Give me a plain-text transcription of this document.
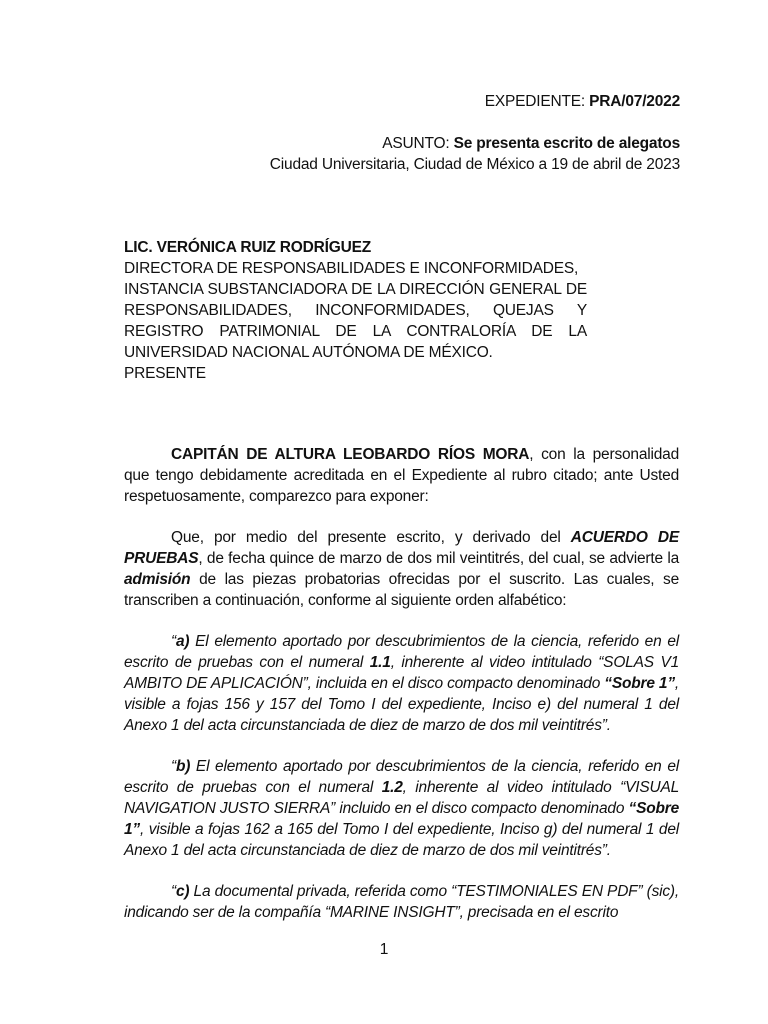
EXPEDIENTE: PRA/07/2022
ASUNTO: Se presenta escrito de alegatos
Ciudad Universitaria, Ciudad de México a 19 de abril de 2023

LIC. VERÓNICA RUIZ RODRÍGUEZ

DIRECTORA DE RESPONSABILIDADES E INCONFORMIDADES,

INSTANCIA SUBSTANCIADORA DE LA DIRECCIÓN GENERAL DE RESPONSABILIDADES, INCONFORMIDADES, QUEJAS Y REGISTRO PATRIMONIAL DE LA CONTRALORÍA DE LA UNIVERSIDAD NACIONAL AUTÓNOMA DE MÉXICO.

PRESENTE

CAPITÁN DE ALTURA LEOBARDO RÍOS MORA, con la personalidad que tengo debidamente acreditada en el Expediente al rubro citado; ante Usted respetuosamente, comparezco para exponer:

Que, por medio del presente escrito, y derivado del ACUERDO DE PRUEBAS, de fecha quince de marzo de dos mil veintitrés, del cual, se advierte la admisión de las piezas probatorias ofrecidas por el suscrito. Las cuales, se transcriben a continuación, conforme al siguiente orden alfabético:

“a) El elemento aportado por descubrimientos de la ciencia, referido en el escrito de pruebas con el numeral 1.1, inherente al video intitulado “SOLAS V1 AMBITO DE APLICACIÓN”, incluida en el disco compacto denominado “Sobre 1”, visible a fojas 156 y 157 del Tomo I del expediente, Inciso e) del numeral 1 del Anexo 1 del acta circunstanciada de diez de marzo de dos mil veintitrés”.

“b) El elemento aportado por descubrimientos de la ciencia, referido en el escrito de pruebas con el numeral 1.2, inherente al video intitulado “VISUAL NAVIGATION JUSTO SIERRA” incluido en el disco compacto denominado “Sobre 1”, visible a fojas 162 a 165 del Tomo I del expediente, Inciso g) del numeral 1 del Anexo 1 del acta circunstanciada de diez de marzo de dos mil veintitrés”.

“c) La documental privada, referida como “TESTIMONIALES EN PDF” (sic), indicando ser de la compañía “MARINE INSIGHT”, precisada en el escrito

1
